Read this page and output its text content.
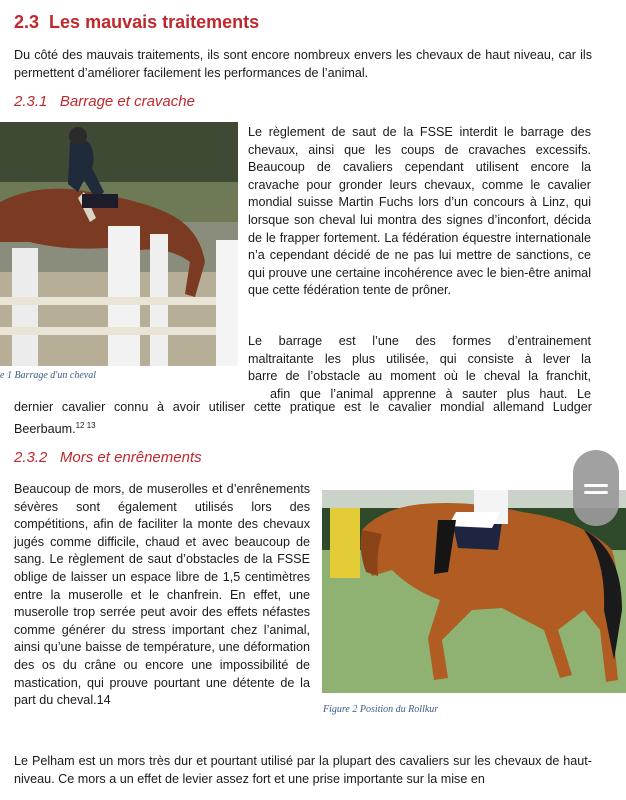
2.3 Les mauvais traitements

Du côté des mauvais traitements, ils sont encore nombreux envers les chevaux de haut niveau, car ils permettent d’améliorer facilement les performances de l’animal.

2.3.1 Barrage et cravache

Le règlement de saut de la FSSE interdit le barrage des chevaux, ainsi que les coups de cravaches excessifs. Beaucoup de cavaliers cependant utilisent encore la cravache pour gronder leurs chevaux, comme le cavalier mondial suisse Martin Fuchs lors d’un concours à Linz, qui lorsque son cheval lui montra des signes d’inconfort, décida de le frapper fortement. La fédération équestre internationale n’a cependant décidé de ne pas lui mettre de sanctions, ce qui prouve une certaine incohérence avec le bien-être animal que cette fédération tente de prôner.

Le barrage est l’une des formes d’entrainement

maltraitante les plus utilisée, qui consiste à lever la

barre de l’obstacle au moment où le cheval la franchit,

afin que l’animal apprenne à sauter plus haut. Le

e 1 Barrage d'un cheval

dernier cavalier connu à avoir utiliser cette pratique est le cavalier mondial allemand Ludger Beerbaum.$^{12 13}$

2.3.2 Mors et enrênements

Beaucoup de mors, de muserolles et d’enrênements sévères sont également utilisés lors des compétitions, afin de faciliter la monte des chevaux jugés comme difficile, chaud et avec beaucoup de sang. Le règlement de saut d’obstacles de la FSSE oblige de laisser un espace libre de 1,5 centimètres entre la muserolle et le chanfrein. En effet, une muserolle trop serrée peut avoir des effets néfastes comme générer du stress important chez l’animal, ainsi qu’une baisse de température, une déformation des os du crâne ou encore une impossibilité de mastication, qui prouve pourtant une détente de la part du cheval.14

Figure 2 Position du Rollkur

Le Pelham est un mors très dur et pourtant utilisé par la plupart des cavaliers sur les chevaux de haut-niveau. Ce mors a un effet de levier assez fort et une prise importante sur la mise en
